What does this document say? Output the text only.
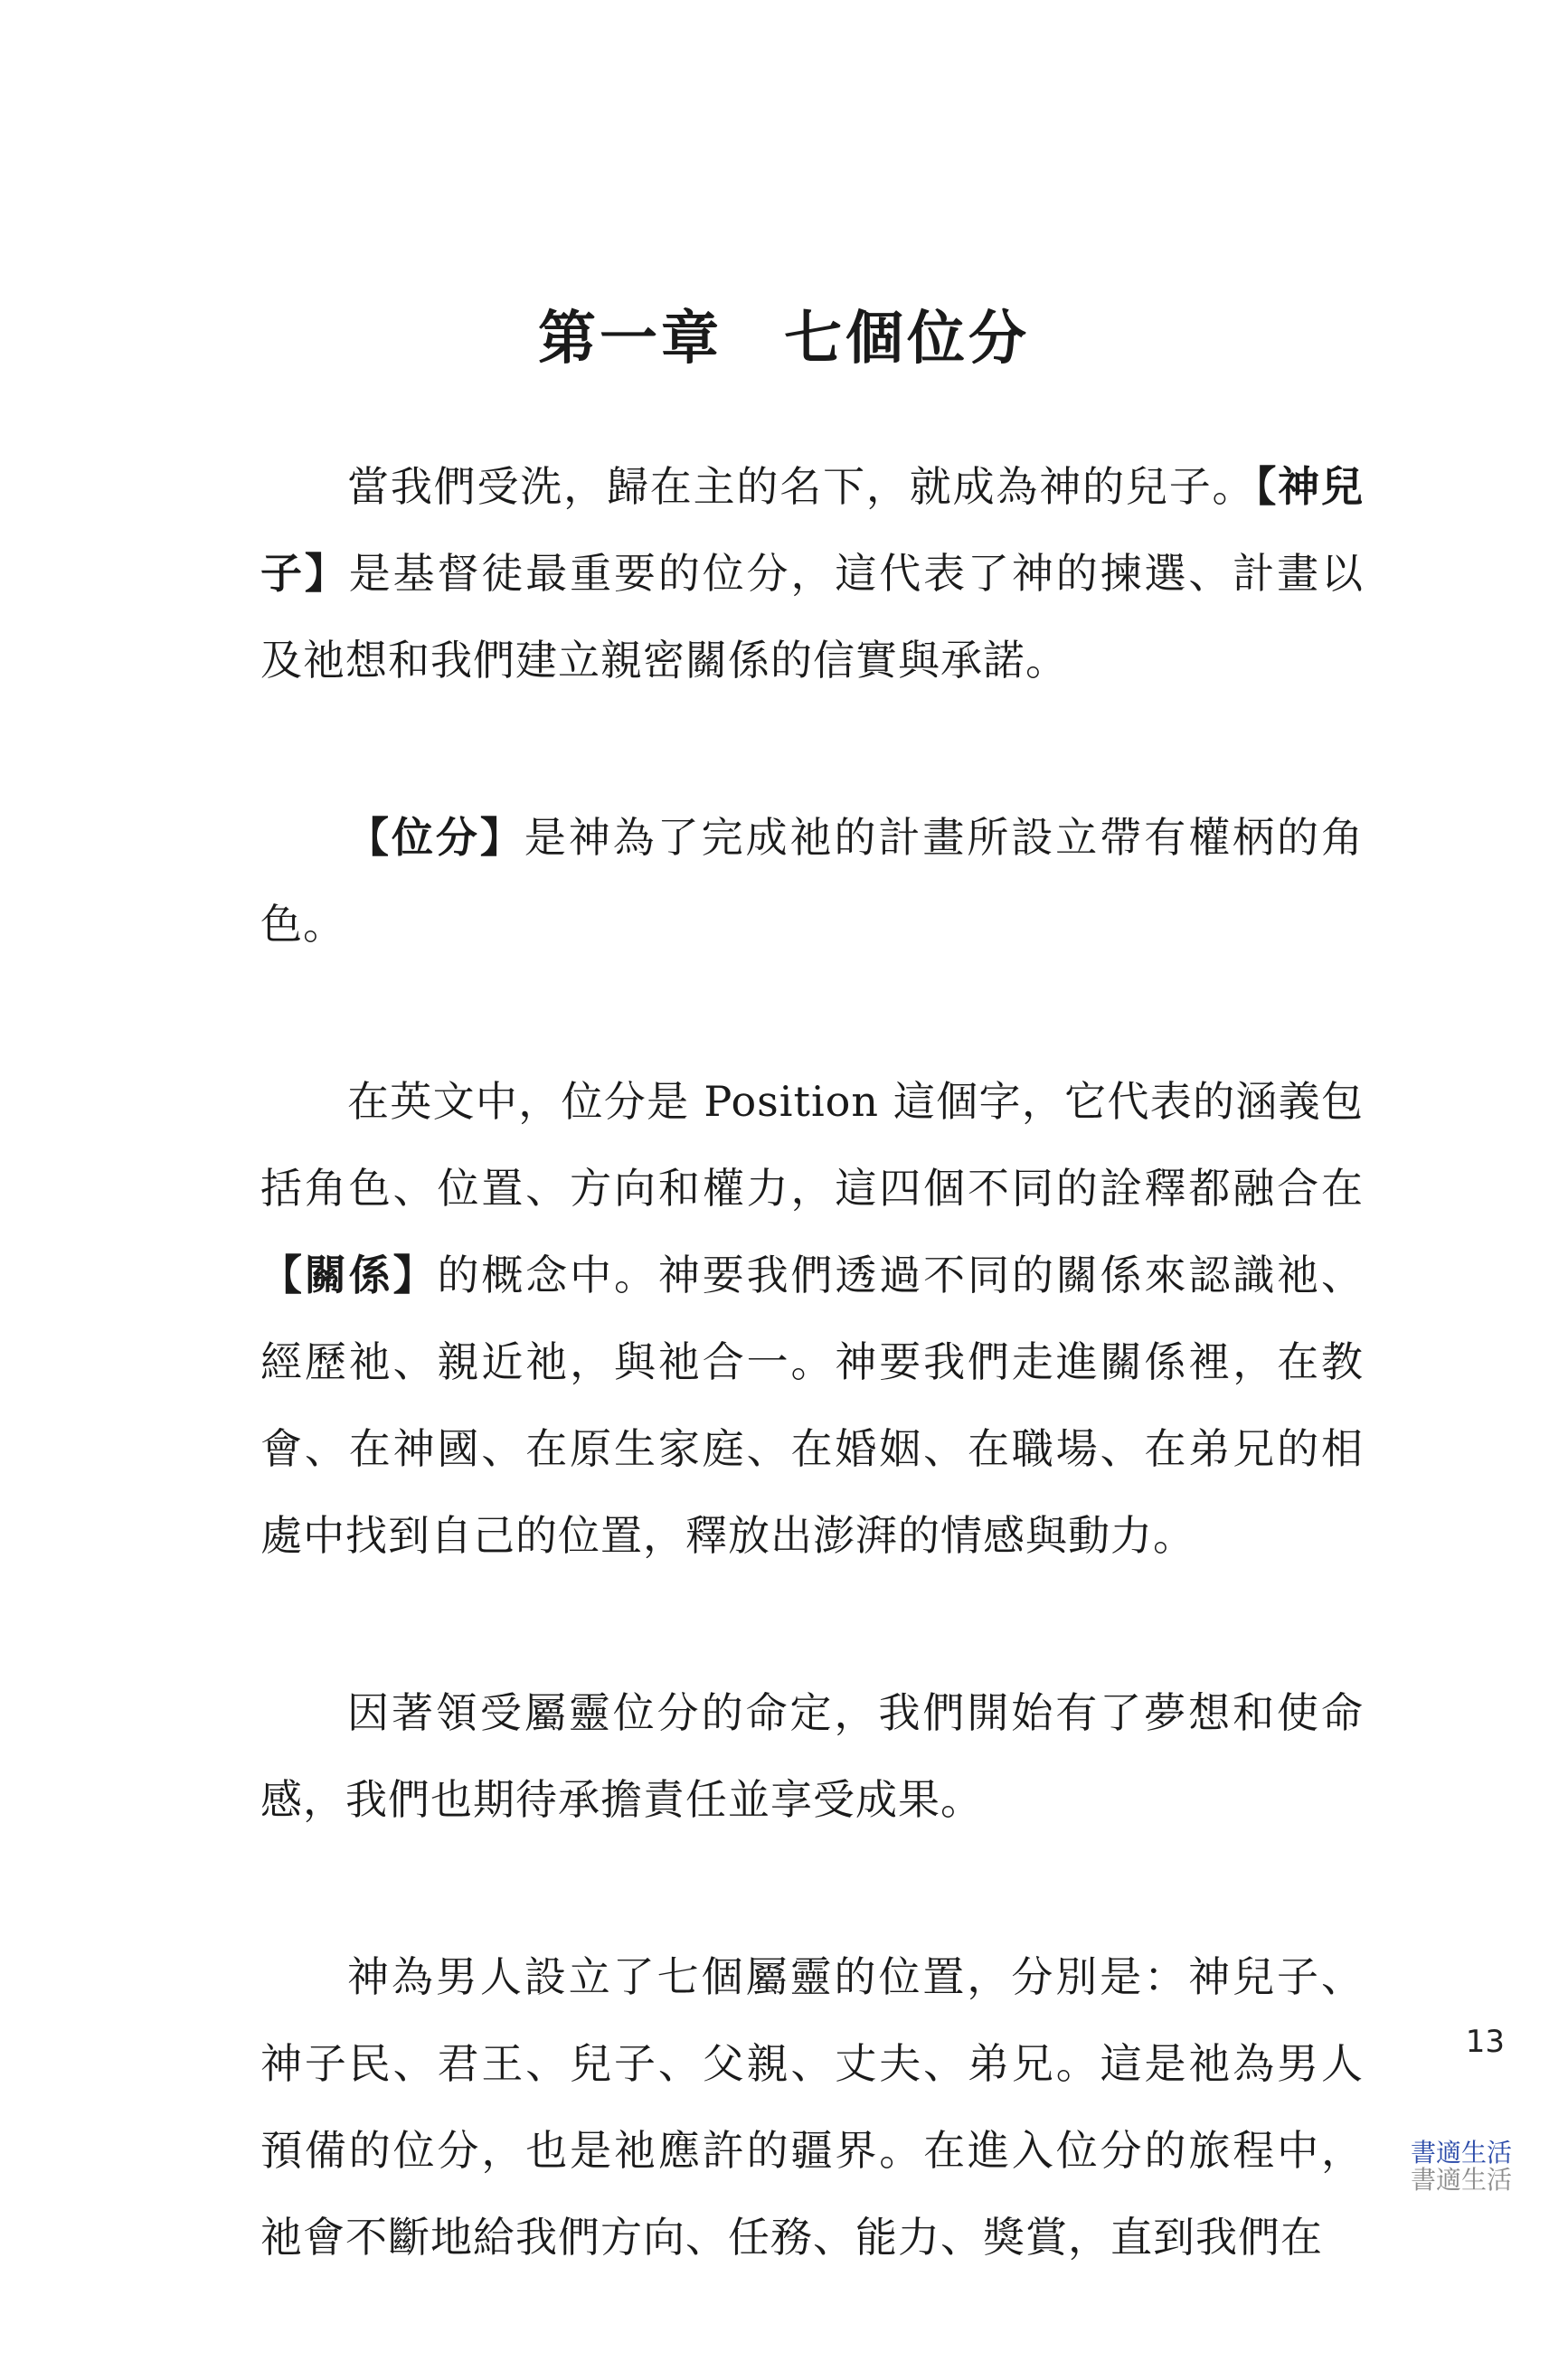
第一章　七個位分

當我們受洗，歸在主的名下，就成為神的兒子。【神兒子】是基督徒最重要的位分，這代表了神的揀選、計畫以及祂想和我們建立親密關係的信實與承諾。

【位分】是神為了完成祂的計畫所設立帶有權柄的角色。

在英文中，位分是 Position 這個字，它代表的涵義包括角色、位置、方向和權力，這四個不同的詮釋都融合在【關係】的概念中。神要我們透過不同的關係來認識祂、經歷祂、親近祂，與祂合一。神要我們走進關係裡，在教會、在神國、在原生家庭、在婚姻、在職場、在弟兄的相處中找到自己的位置，釋放出澎湃的情感與動力。

因著領受屬靈位分的命定，我們開始有了夢想和使命感，我們也期待承擔責任並享受成果。

神為男人設立了七個屬靈的位置，分別是：神兒子、神子民、君王、兒子、父親、丈夫、弟兄。這是祂為男人預備的位分，也是祂應許的疆界。在進入位分的旅程中，祂會不斷地給我們方向、任務、能力、獎賞，直到我們在

13
書適生活
書適生活
